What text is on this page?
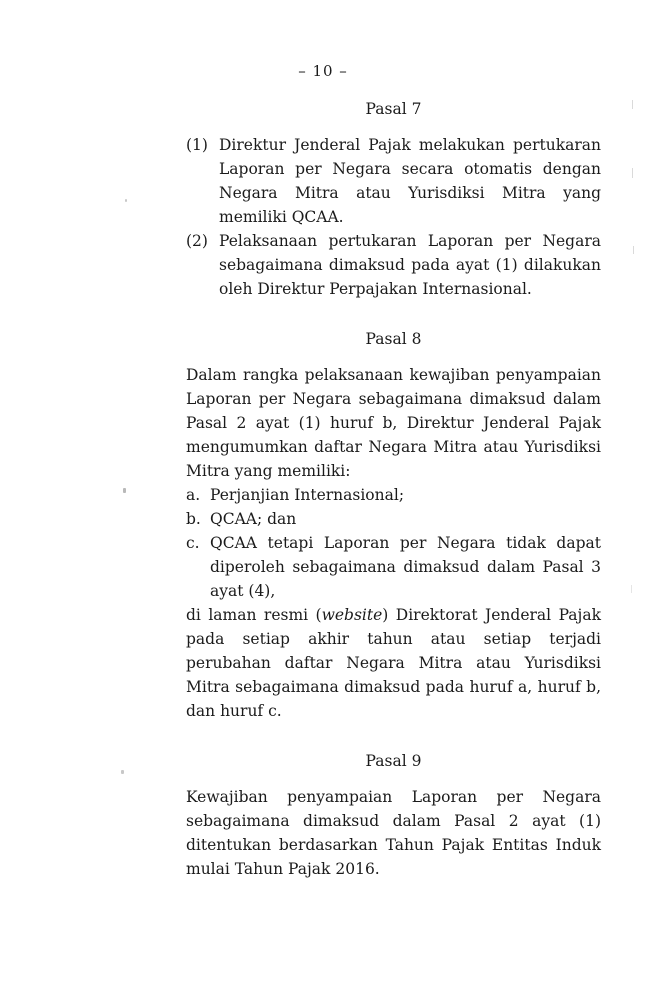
– 10 –
Pasal 7
(1) Direktur Jenderal Pajak melakukan pertukaran Laporan per Negara secara otomatis dengan Negara Mitra atau Yurisdiksi Mitra yang memiliki QCAA.
(2) Pelaksanaan pertukaran Laporan per Negara sebagaimana dimaksud pada ayat (1) dilakukan oleh Direktur Perpajakan Internasional.
Pasal 8

Dalam rangka pelaksanaan kewajiban penyampaian Laporan per Negara sebagaimana dimaksud dalam Pasal 2 ayat (1) huruf b, Direktur Jenderal Pajak mengumumkan daftar Negara Mitra atau Yurisdiksi Mitra yang memiliki:

a. Perjanjian Internasional;
b. QCAA; dan
c. QCAA tetapi Laporan per Negara tidak dapat diperoleh sebagaimana dimaksud dalam Pasal 3 ayat (4),

di laman resmi (website) Direktorat Jenderal Pajak pada setiap akhir tahun atau setiap terjadi perubahan daftar Negara Mitra atau Yurisdiksi Mitra sebagaimana dimaksud pada huruf a, huruf b, dan huruf c.

Pasal 9

Kewajiban penyampaian Laporan per Negara sebagaimana dimaksud dalam Pasal 2 ayat (1) ditentukan berdasarkan Tahun Pajak Entitas Induk mulai Tahun Pajak 2016.
